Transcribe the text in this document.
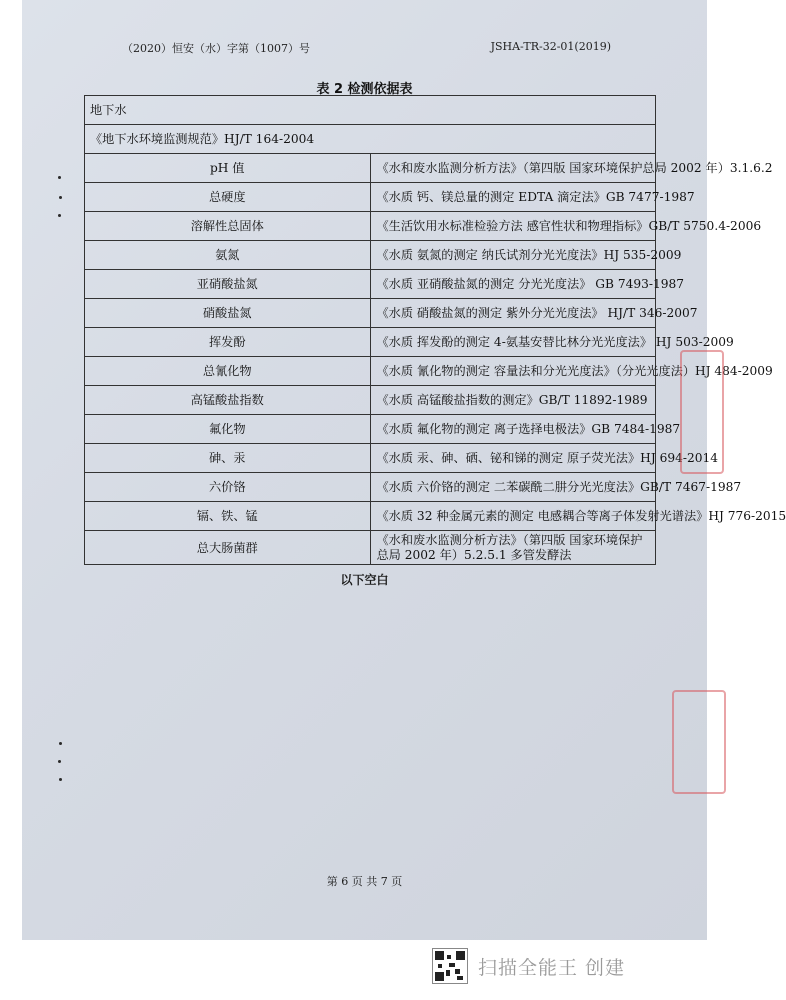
（2020）恒安（水）字第（1007）号	JSHA-TR-32-01(2019)
表 2 检测依据表
地下水	
《地下水环境监测规范》HJ/T 164-2004	
pH 值	《水和废水监测分析方法》（第四版 国家环境保护总局 2002 年）3.1.6.2
总硬度	《水质 钙、镁总量的测定 EDTA 滴定法》GB 7477-1987
溶解性总固体	《生活饮用水标准检验方法 感官性状和物理指标》GB/T 5750.4-2006
氨氮	《水质 氨氮的测定 纳氏试剂分光光度法》HJ 535-2009
亚硝酸盐氮	《水质 亚硝酸盐氮的测定 分光光度法》 GB 7493-1987
硝酸盐氮	《水质 硝酸盐氮的测定 紫外分光光度法》 HJ/T 346-2007
挥发酚	《水质 挥发酚的测定 4-氨基安替比林分光光度法》 HJ 503-2009
总氰化物	《水质 氰化物的测定 容量法和分光光度法》（分光光度法）HJ 484-2009
高锰酸盐指数	《水质 高锰酸盐指数的测定》GB/T 11892-1989
氟化物	《水质 氟化物的测定 离子选择电极法》GB 7484-1987
砷、汞	《水质 汞、砷、硒、铋和锑的测定 原子荧光法》HJ 694-2014
六价铬	《水质 六价铬的测定 二苯碳酰二肼分光光度法》GB/T 7467-1987
镉、铁、锰	《水质 32 种金属元素的测定 电感耦合等离子体发射光谱法》HJ 776-2015
总大肠菌群	《水和废水监测分析方法》（第四版 国家环境保护总局 2002 年）5.2.5.1 多管发酵法
以下空白
第 6 页 共 7 页
扫描全能王 创建
